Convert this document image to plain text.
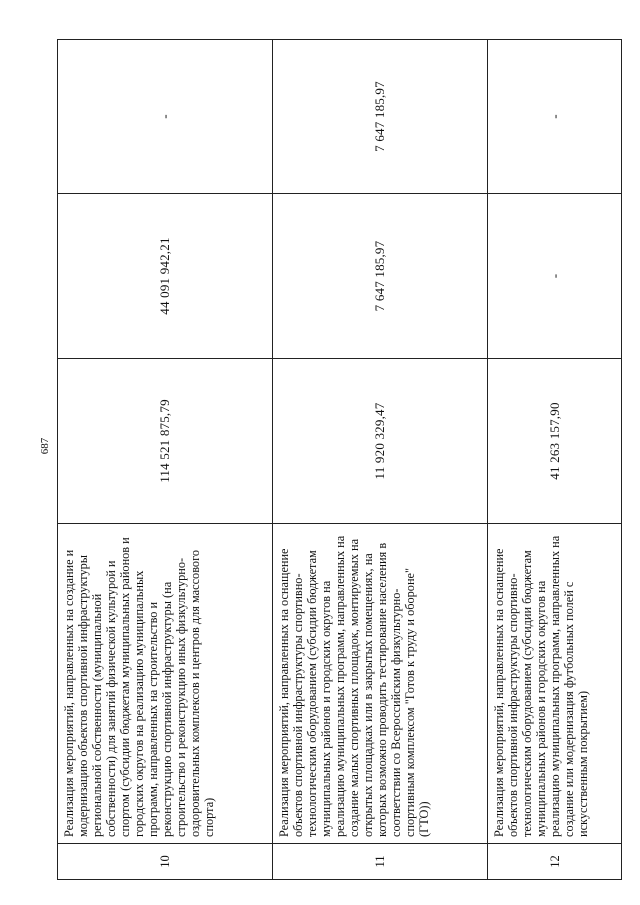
687
10	Реализация мероприятий, направленных на создание и модернизацию объектов спортивной инфраструктуры региональной собственности (муниципальной собственности) для занятий физической культурой и спортом (субсидии бюджетам муниципальных районов и городских округов на реализацию муниципальных программ, направленных на строительство и реконструкцию спортивной инфраструктуры (на строительство и реконструкцию иных физкультурно-оздоровительных комплексов и центров для массового спорта)	114 521 875,79	44 091 942,21	-
11	Реализация мероприятий, направленных на оснащение объектов спортивной инфраструктуры спортивно-технологическим оборудованием (субсидии бюджетам муниципальных районов и городских округов на реализацию муниципальных программ, направленных на создание малых спортивных площадок, монтируемых на открытых площадках или в закрытых помещениях, на которых возможно проводить тестирование населения в соответствии со Всероссийским физкультурно-спортивным комплексом "Готов к труду и обороне" (ГТО))	11 920 329,47	7 647 185,97	7 647 185,97
12	Реализация мероприятий, направленных на оснащение объектов спортивной инфраструктуры спортивно-технологическим оборудованием (субсидии бюджетам муниципальных районов и городских округов на реализацию муниципальных программ, направленных на создание или модернизация футбольных полей с искусственным покрытием)	41 263 157,90	-	-
